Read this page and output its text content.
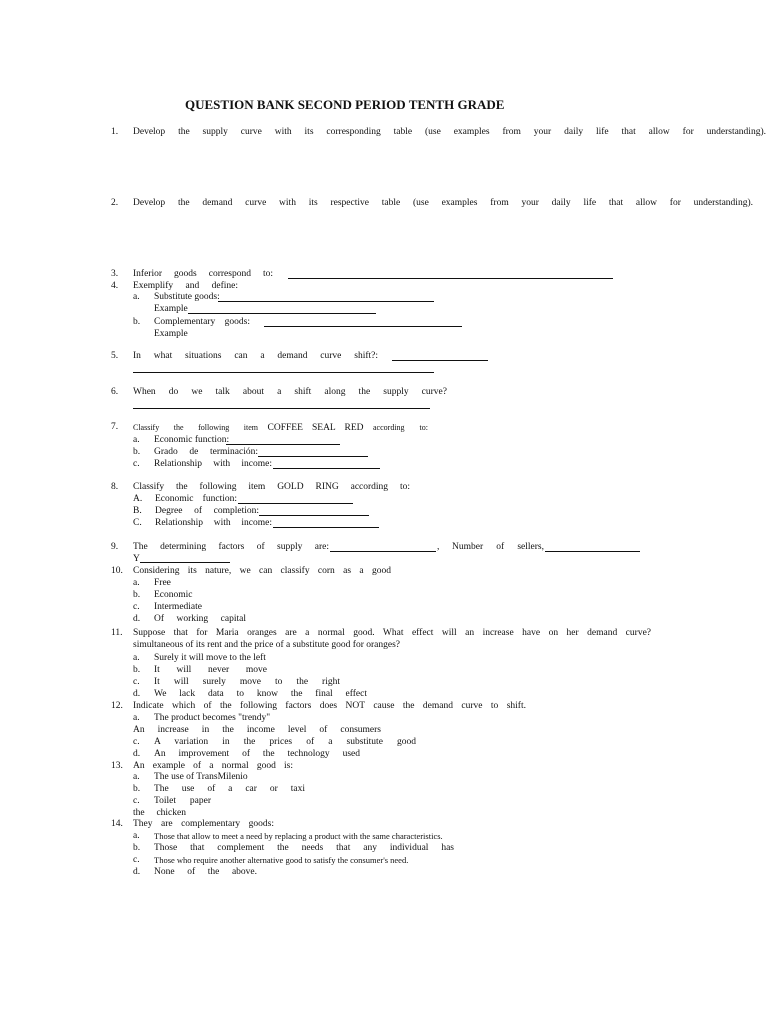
QUESTION BANK SECOND PERIOD TENTH GRADE
1. Develop the supply curve with its corresponding table (use examples from your daily life that allow for understanding).
2. Develop the demand curve with its respective table (use examples from your daily life that allow for understanding).
3. Inferior goods correspond to:
4. Exemplify and define:
a. Substitute goods:
Example
b. Complementary goods:
Example
5. In what situations can a demand curve shift?:
6. When do we talk about a shift along the supply curve?
7. Classify the following item COFFEE SEAL RED according to:
a. Economic function:
b. Grado de terminación:
c. Relationship with income:
8. Classify the following item GOLD RING according to:
A. Economic function:
B. Degree of completion:
C. Relationship with income:
9. The determining factors of supply are:	, Number of sellers,
Y
10. Considering its nature, we can classify corn as a good
a. Free
b. Economic
c. Intermediate
d. Of working capital
11. Suppose that for Maria oranges are a normal good. What effect will an increase have on her demand curve?
simultaneous of its rent and the price of a substitute good for oranges?
a. Surely it will move to the left
b. It will never move
c. It will surely move to the right
d. We lack data to know the final effect
12. Indicate which of the following factors does NOT cause the demand curve to shift.
a. The product becomes "trendy"
An increase in the income level of consumers
c. A variation in the prices of a substitute good
d. An improvement of the technology used
13. An example of a normal good is:
a. The use of TransMilenio
b. The use of a car or taxi
c. Toilet paper
the chicken
14. They are complementary goods:
a. Those that allow to meet a need by replacing a product with the same characteristics.
b. Those that complement the needs that any individual has
c. Those who require another alternative good to satisfy the consumer's need.
d. None of the above.
